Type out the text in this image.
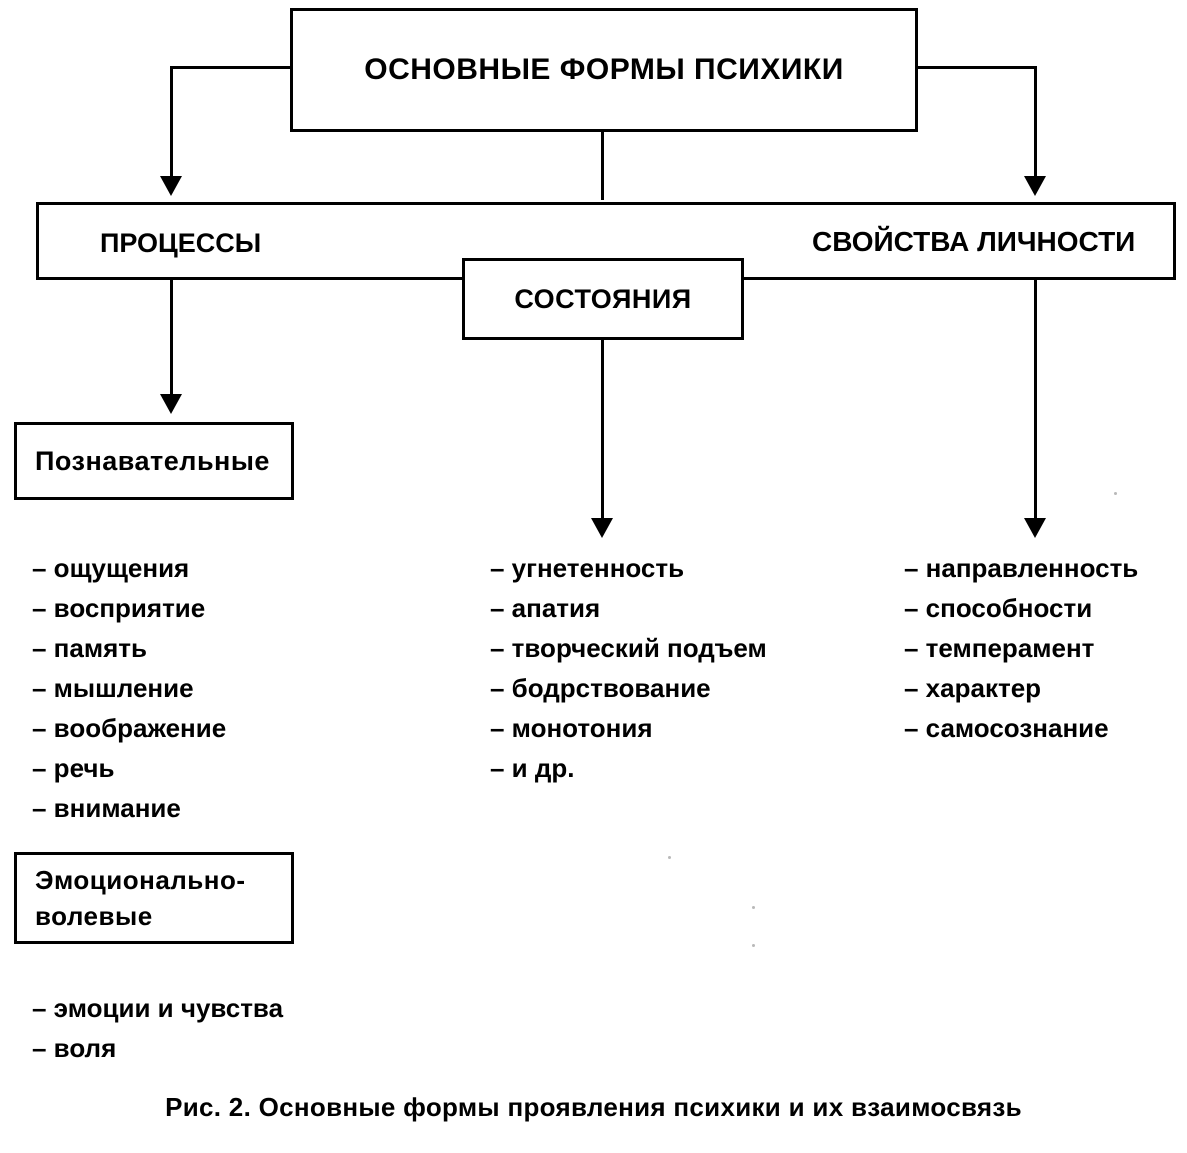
ОСНОВНЫЕ ФОРМЫ ПСИХИКИ
ПРОЦЕССЫ	СВОЙСТВА ЛИЧНОСТИ
СОСТОЯНИЯ
Познавательные
Эмоционально-волевые
– ощущения
– восприятие
– память
– мышление
– воображение
– речь
– внимание
– эмоции и чувства
– воля
– угнетенность
– апатия
– творческий подъем
– бодрствование
– монотония
– и др.
– направленность
– способности
– темперамент
– характер
– самосознание
Рис. 2. Основные формы проявления психики и их взаимосвязь
